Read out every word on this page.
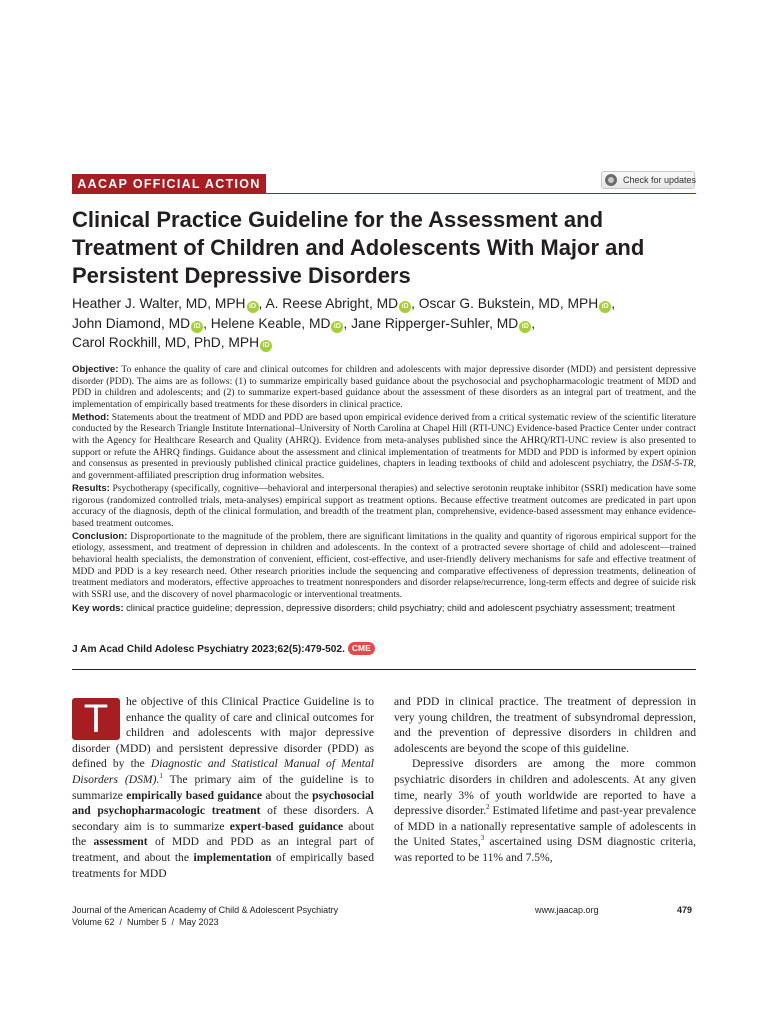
AACAP OFFICIAL ACTION	Check for updates
Clinical Practice Guideline for the Assessment and Treatment of Children and Adolescents With Major and Persistent Depressive Disorders
Heather J. Walter, MD, MPH iD , A. Reese Abright, MD iD , Oscar G. Bukstein, MD, MPH iD ,
John Diamond, MD iD , Helene Keable, MD iD , Jane Ripperger-Suhler, MD iD ,
Carol Rockhill, MD, PhD, MPH iD

Objective: To enhance the quality of care and clinical outcomes for children and adolescents with major depressive disorder (MDD) and persistent depressive disorder (PDD). The aims are as follows: (1) to summarize empirically based guidance about the psychosocial and psychopharmacologic treatment of MDD and PDD in children and adolescents; and (2) to summarize expert-based guidance about the assessment of these disorders as an integral part of treatment, and the implementation of empirically based treatments for these disorders in clinical practice.

Method: Statements about the treatment of MDD and PDD are based upon empirical evidence derived from a critical systematic review of the scientific literature conducted by the Research Triangle Institute International–University of North Carolina at Chapel Hill (RTI-UNC) Evidence-based Practice Center under contract with the Agency for Healthcare Research and Quality (AHRQ). Evidence from meta-analyses published since the AHRQ/RTI-UNC review is also presented to support or refute the AHRQ findings. Guidance about the assessment and clinical implementation of treatments for MDD and PDD is informed by expert opinion and consensus as presented in previously published clinical practice guidelines, chapters in leading textbooks of child and adolescent psychiatry, the DSM-5-TR, and government-affiliated prescription drug information websites.

Results: Psychotherapy (specifically, cognitive—behavioral and interpersonal therapies) and selective serotonin reuptake inhibitor (SSRI) medication have some rigorous (randomized controlled trials, meta-analyses) empirical support as treatment options. Because effective treatment outcomes are predicated in part upon accuracy of the diagnosis, depth of the clinical formulation, and breadth of the treatment plan, comprehensive, evidence-based assessment may enhance evidence-based treatment outcomes.

Conclusion: Disproportionate to the magnitude of the problem, there are significant limitations in the quality and quantity of rigorous empirical support for the etiology, assessment, and treatment of depression in children and adolescents. In the context of a protracted severe shortage of child and adolescent—trained behavioral health specialists, the demonstration of convenient, efficient, cost-effective, and user-friendly delivery mechanisms for safe and effective treatment of MDD and PDD is a key research need. Other research priorities include the sequencing and comparative effectiveness of depression treatments, delineation of treatment mediators and moderators, effective approaches to treatment nonresponders and disorder relapse/recurrence, long-term effects and degree of suicide risk with SSRI use, and the discovery of novel pharmacologic or interventional treatments.

Key words: clinical practice guideline; depression, depressive disorders; child psychiatry; child and adolescent psychiatry assessment; treatment

J Am Acad Child Adolesc Psychiatry 2023;62(5):479-502. CME
T	he objective of this Clinical Practice Guideline is to enhance the quality of care and clinical outcomes for children and adolescents with major depressive disorder (MDD) and persistent depressive disorder (PDD) as defined by the Diagnostic and Statistical Manual of Mental Disorders (DSM).$^1$ The primary aim of the guideline is to summarize empirically based guidance about the psychosocial and psychopharmacologic treatment of these disorders. A secondary aim is to summarize expert-based guidance about the assessment of MDD and PDD as an integral part of treatment, and about the implementation of empirically based treatments for MDD

and PDD in clinical practice. The treatment of depression in very young children, the treatment of subsyndromal depression, and the prevention of depressive disorders in children and adolescents are beyond the scope of this guideline.

Depressive disorders are among the more common psychiatric disorders in children and adolescents. At any given time, nearly 3% of youth worldwide are reported to have a depressive disorder.$^2$ Estimated lifetime and past-year prevalence of MDD in a nationally representative sample of adolescents in the United States,$^3$ ascertained using DSM diagnostic criteria, was reported to be 11% and 7.5%,

Journal of the American Academy of Child & Adolescent Psychiatry
Volume 62  /  Number 5  /  May 2023
www.jaacap.org	479
